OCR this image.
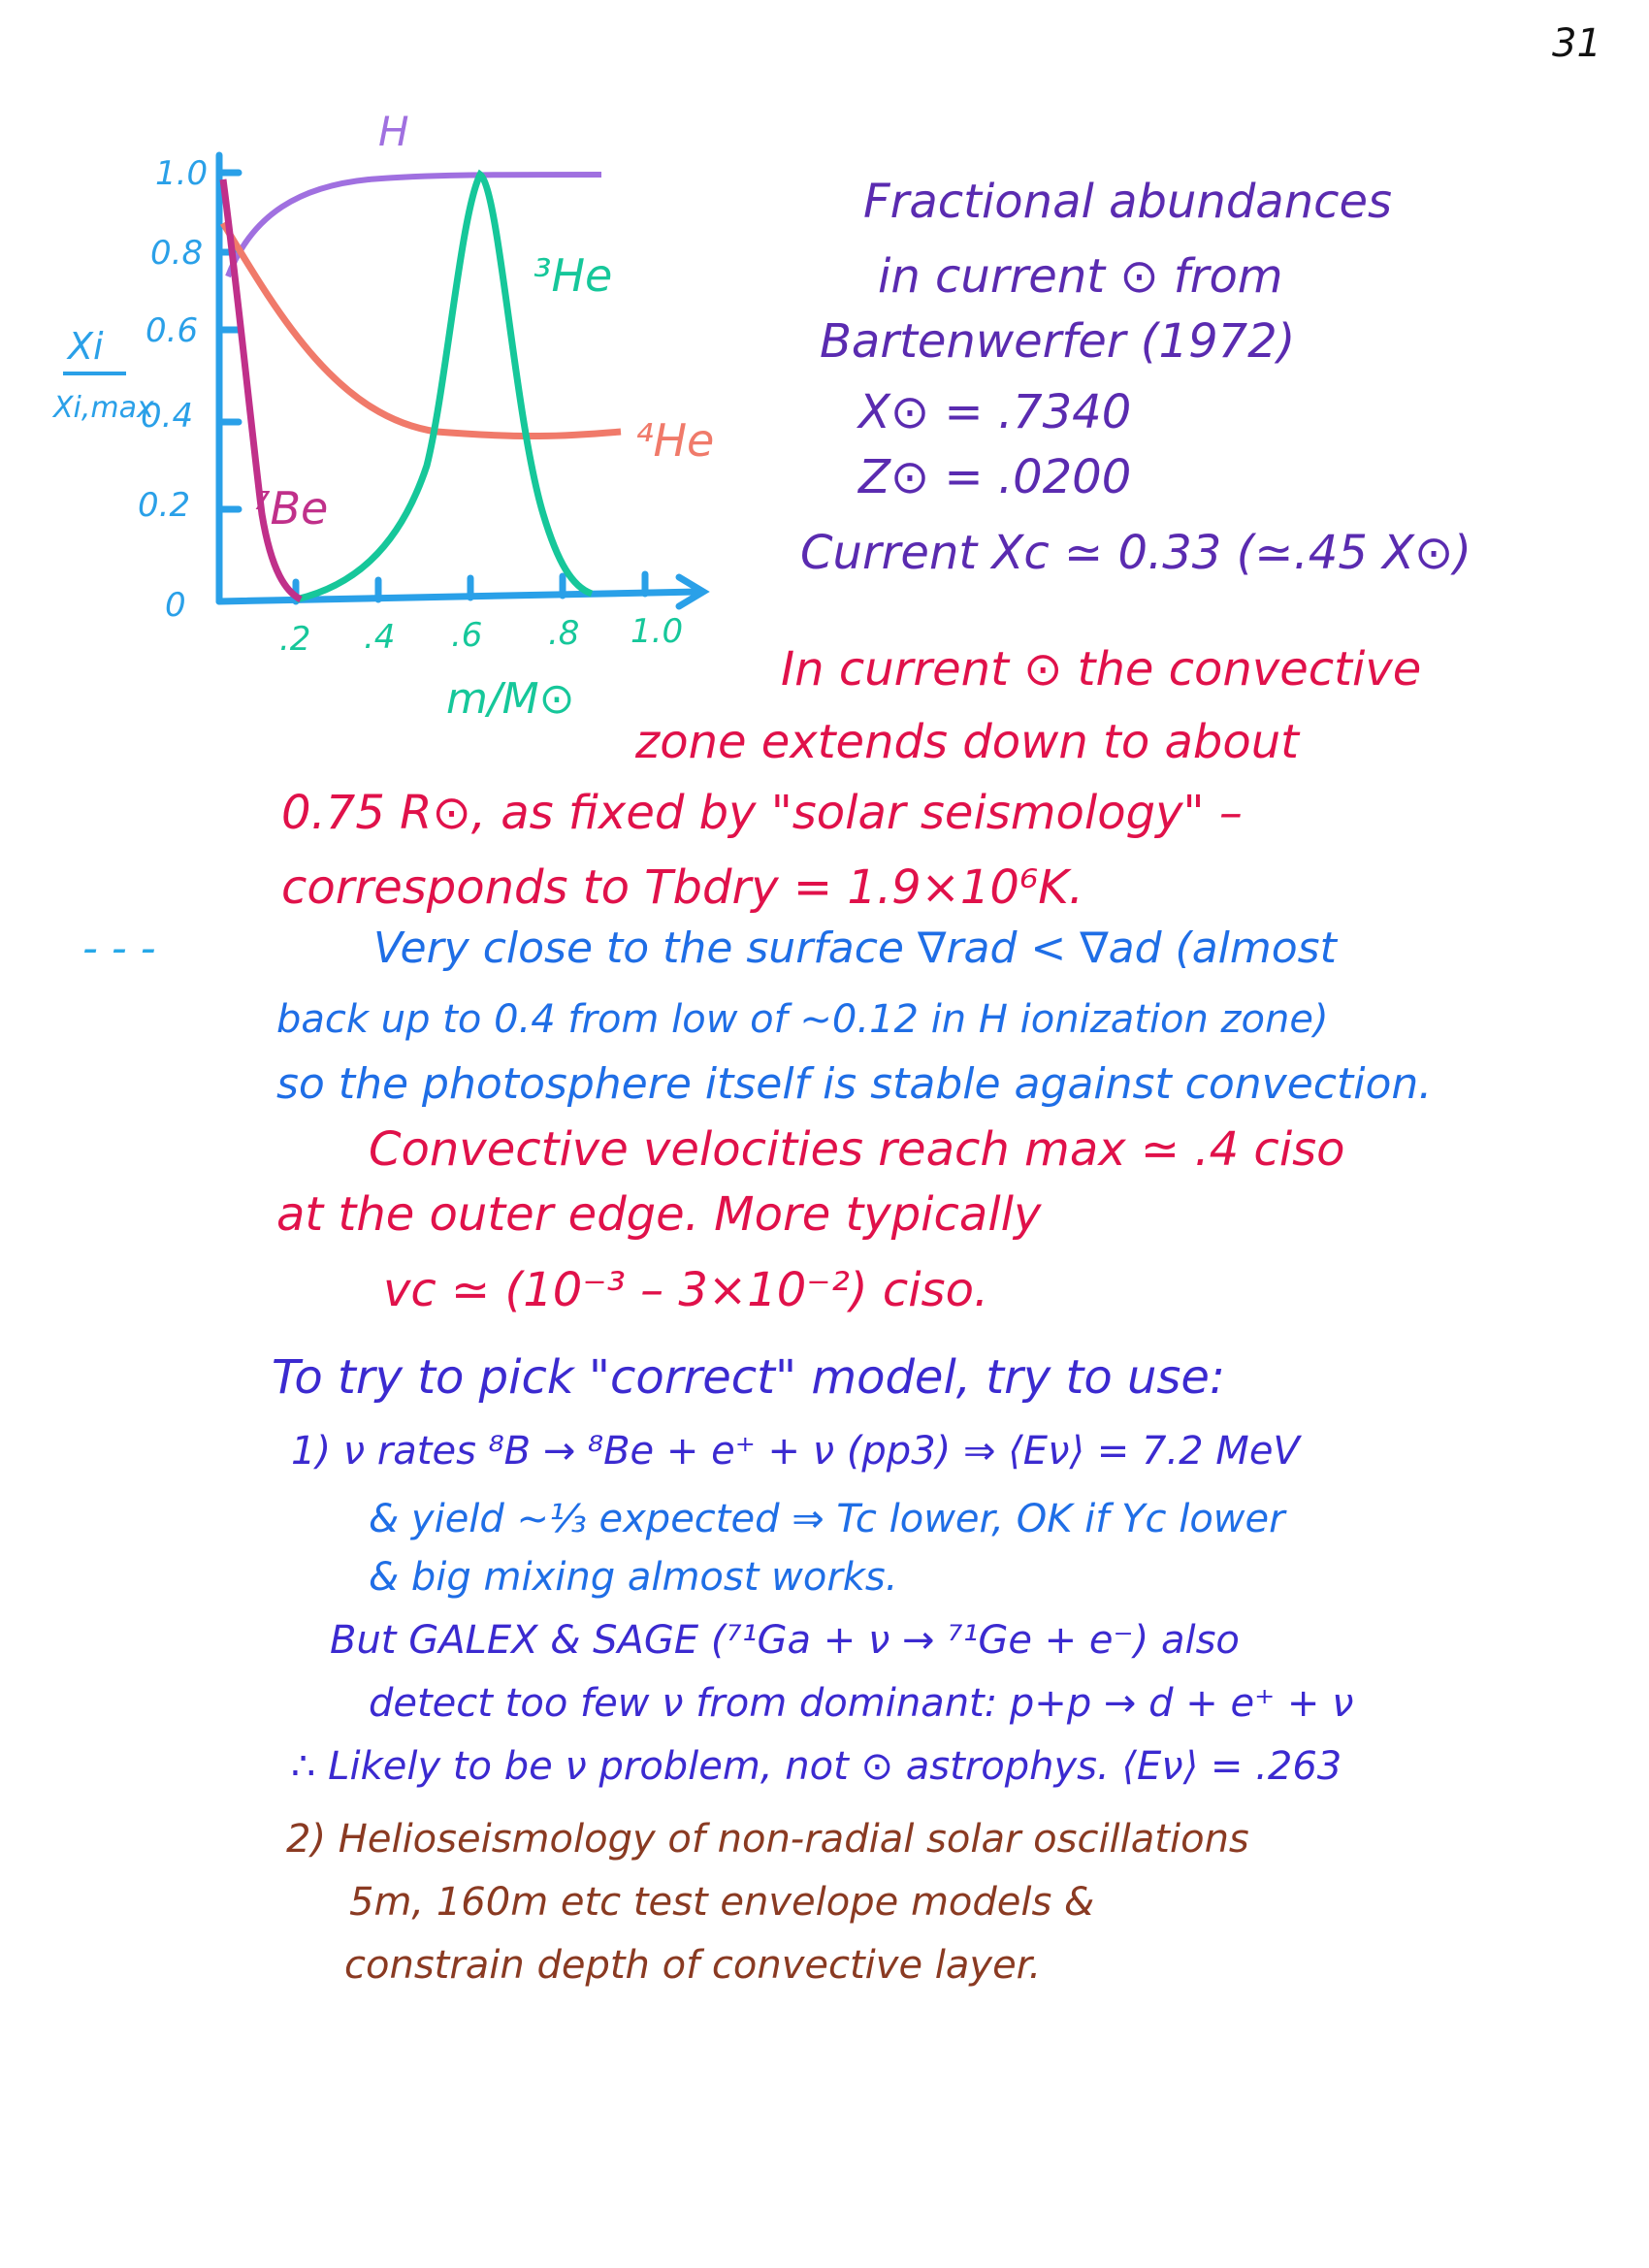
31
1.0
0.8
0.6
0.4
0.2
0
.2 .4 .6 .8 1.0
Xi
Xi,max
m/M⊙
H
³He
⁴He
⁷Be
Fractional abundances
in current ⊙ from
Bartenwerfer (1972)
X⊙ = .7340
Z⊙ = .0200
Current Xc ≃ 0.33 (≃.45 X⊙)
In current ⊙ the convective
zone extends down to about
0.75 R⊙, as fixed by "solar seismology" –
corresponds to Tbdry = 1.9×10⁶K.
- - -	Very close to the surface ∇rad < ∇ad (almost
back up to 0.4 from low of ~0.12 in H ionization zone)
so the photosphere itself is stable against convection.
Convective velocities reach max ≃ .4 ciso
at the outer edge. More typically
vc ≃ (10⁻³ – 3×10⁻²) ciso.
To try to pick "correct" model, try to use:
1) ν rates ⁸B → ⁸Be + e⁺ + ν (pp3) ⇒ ⟨Eν⟩ = 7.2 MeV
& yield ~⅓ expected ⇒ Tc lower, OK if Yc lower
& big mixing almost works.
But GALEX & SAGE (⁷¹Ga + ν → ⁷¹Ge + e⁻) also
detect too few ν from dominant: p+p → d + e⁺ + ν
∴ Likely to be ν problem, not ⊙ astrophys. ⟨Eν⟩ = .263
2) Helioseismology of non-radial solar oscillations
5m, 160m etc test envelope models &
constrain depth of convective layer.
